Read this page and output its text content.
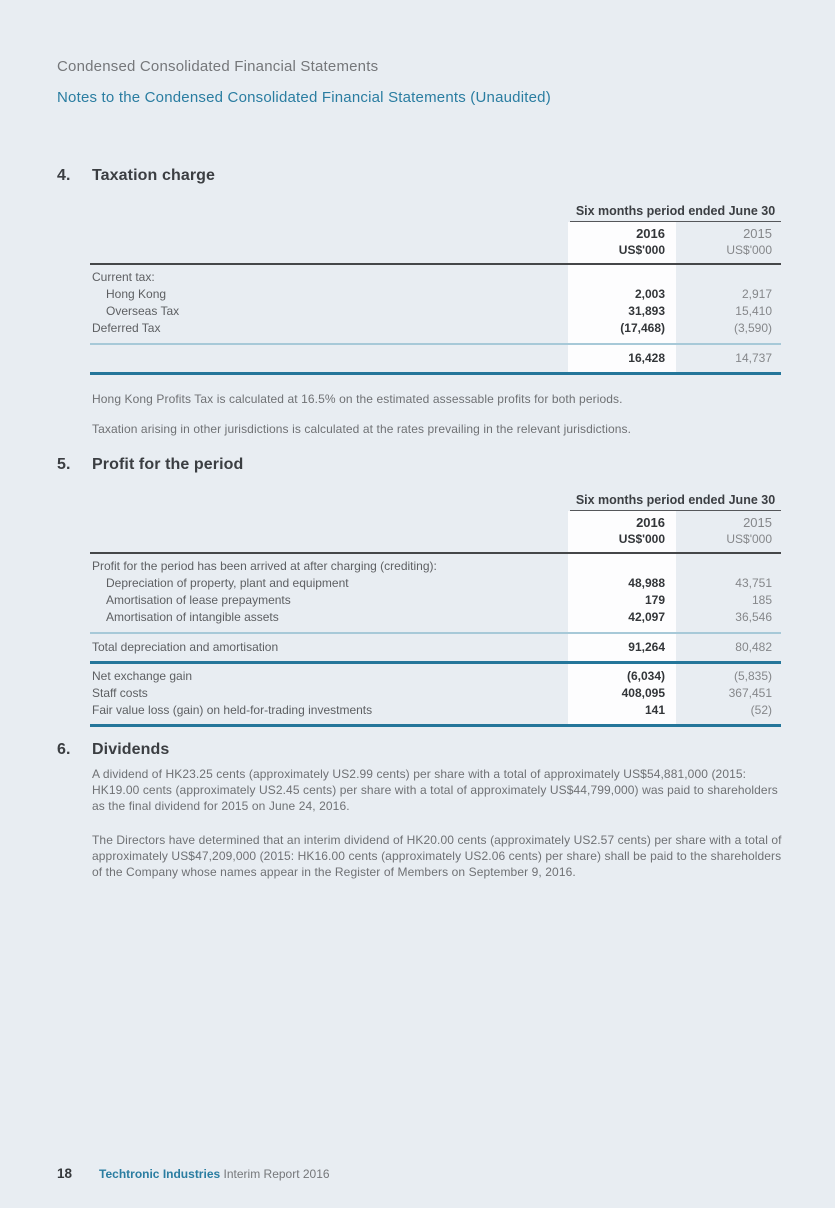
Condensed Consolidated Financial Statements
Notes to the Condensed Consolidated Financial Statements (Unaudited)
4.	Taxation charge
Six months period ended June 30
2016
US$'000
2015
US$'000
Current tax:
Hong Kong	2,003	2,917
Overseas Tax	31,893	15,410
Deferred Tax	(17,468)	(3,590)
16,428	14,737
Hong Kong Profits Tax is calculated at 16.5% on the estimated assessable profits for both periods.
Taxation arising in other jurisdictions is calculated at the rates prevailing in the relevant jurisdictions.
5.	Profit for the period
Six months period ended June 30
2016
US$'000
2015
US$'000
Profit for the period has been arrived at after charging (crediting):
Depreciation of property, plant and equipment	48,988	43,751
Amortisation of lease prepayments	179	185
Amortisation of intangible assets	42,097	36,546
Total depreciation and amortisation	91,264	80,482
Net exchange gain	(6,034)	(5,835)
Staff costs	408,095	367,451
Fair value loss (gain) on held-for-trading investments	141	(52)
6.	Dividends
A dividend of HK23.25 cents (approximately US2.99 cents) per share with a total of approximately US$54,881,000 (2015: HK19.00 cents (approximately US2.45 cents) per share with a total of approximately US$44,799,000) was paid to shareholders as the final dividend for 2015 on June 24, 2016.
The Directors have determined that an interim dividend of HK20.00 cents (approximately US2.57 cents) per share with a total of approximately US$47,209,000 (2015: HK16.00 cents (approximately US2.06 cents) per share) shall be paid to the shareholders of the Company whose names appear in the Register of Members on September 9, 2016.
18 Techtronic Industries Interim Report 2016
